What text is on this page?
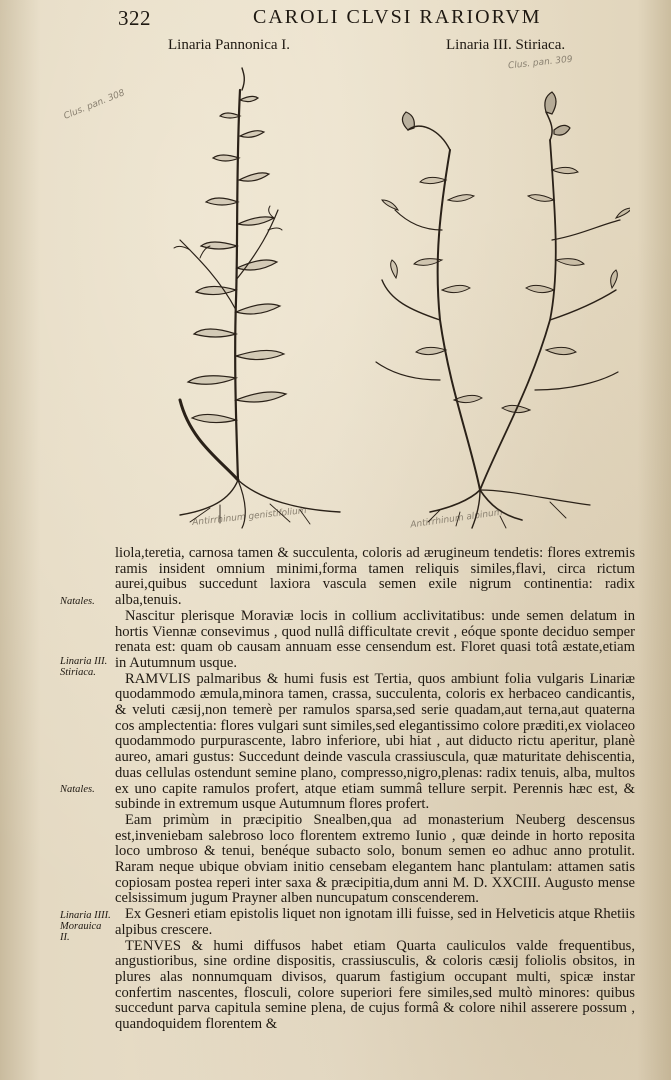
322	CAROLI CLVSI RARIORVM
Linaria Pannonica I.	Linaria III. Stiriaca.
Clus. pan. 308
Clus. pan. 309
Antirrhinum genistifolium	Antirrhinum alpinum
Natales.
Linaria III. Stiriaca.
Natales.
Linaria IIII. Morauica II.

liola,teretia, carnosa tamen & succulenta, coloris ad ærugineum tendetis: flores extremis ramis insident omnium minimi,forma tamen reliquis similes,flavi, circa rictum aurei,quibus succedunt laxiora vascula semen exile nigrum continentia: radix alba,tenuis.

Nascitur plerisque Moraviæ locis in collium acclivitatibus: unde semen delatum in hortis Viennæ consevimus , quod nullâ difficultate crevit , eóque sponte deciduo semper renata est: quam ob causam annuam esse censendum est. Floret quasi totâ æstate,etiam in Autumnum usque.

RAMVLIS palmaribus & humi fusis est Tertia, quos ambiunt folia vulgaris Linariæ quodammodo æmula,minora tamen, crassa, succulenta, coloris ex herbaceo candicantis, & veluti cæsij,non temerè per ramulos sparsa,sed serie quadam,aut terna,aut quaterna cos amplectentia: flores vulgari sunt similes,sed elegantissimo colore præditi,ex violaceo quodammodo purpurascente, labro inferiore, ubi hiat , aut diducto rictu aperitur, planè aureo, amari gustus: Succedunt deinde vascula crassiuscula, quæ maturitate dehiscentia, duas cellulas ostendunt semine plano, compresso,nigro,plenas: radix tenuis, alba, multos ex uno capite ramulos profert, atque etiam summâ tellure serpit. Perennis hæc est, & subinde in extremum usque Autumnum flores profert.

Eam primùm in præcipitio Snealben,qua ad monasterium Neuberg descensus est,inveniebam salebroso loco florentem extremo Iunio , quæ deinde in horto reposita loco umbroso & tenui, benéque subacto solo, bonum semen eo adhuc anno protulit. Raram neque ubique obviam initio censebam elegantem hanc plantulam: attamen satis copiosam postea reperi inter saxa & præcipitia,dum anni M. D. XXCIII. Augusto mense celsissimum jugum Prayner alben nuncupatum conscenderem.

Ex Gesneri etiam epistolis liquet non ignotam illi fuisse, sed in Helveticis atque Rhetiis alpibus crescere.

TENVES & humi diffusos habet etiam Quarta cauliculos valde frequentibus, angustioribus, sine ordine dispositis, crassiusculis, & coloris cæsij foliolis obsitos, in plures alas nonnumquam divisos, quarum fastigium occupant multi, spicæ instar confertim nascentes, flosculi, colore superiori fere similes,sed multò minores: quibus succedunt parva capitula semine plena, de cujus formâ & colore nihil asserere possum , quandoquidem florentem &
